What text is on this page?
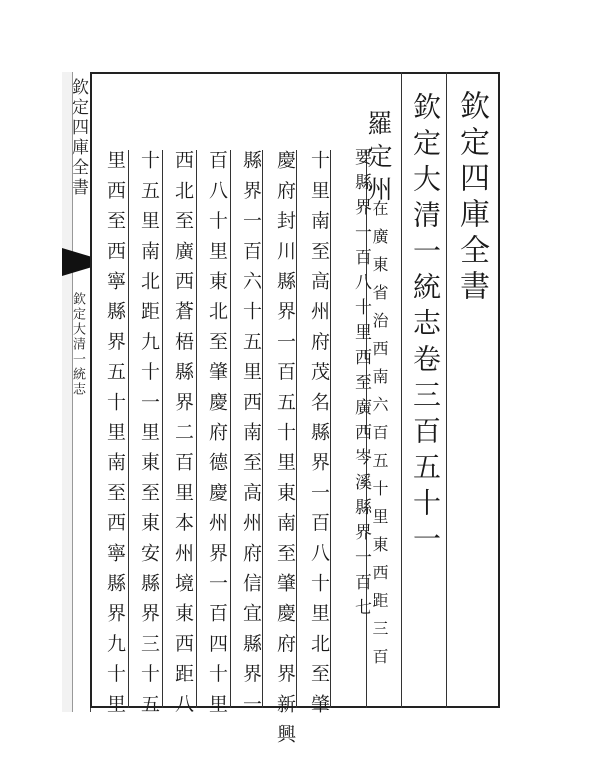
欽定四庫全書
欽定大清一統志
欽定四庫全書
欽定大清一統志卷三百五十一
羅定州
在廣東省治西南六百五十里東西距三百
要縣界一百八十里西至廣西岑溪縣界一百七
十里南至高州府茂名縣界一百八十里北至肇
慶府封川縣界一百五十里東南至肇慶府界新興
縣界一百六十五里西南至高州府信宜縣界一
百八十里東北至肇慶府德慶州界一百四十里
西北至廣西蒼梧縣界二百里本州境東西距八
十五里南北距九十一里東至東安縣界三十五
里西至西寧縣界五十里南至西寧縣界九十里
